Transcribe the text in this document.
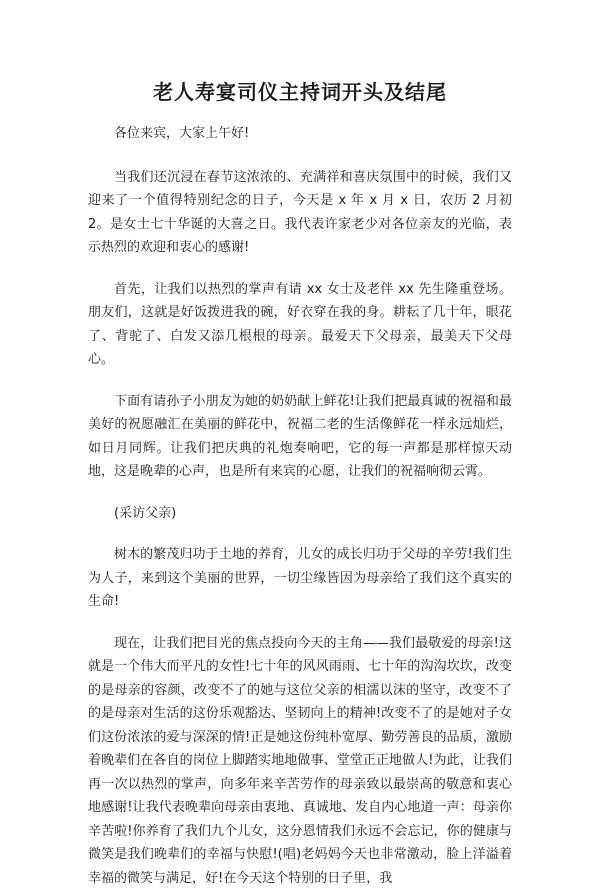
老人寿宴司仪主持词开头及结尾

各位来宾，大家上午好!

当我们还沉浸在春节这浓浓的、充满祥和喜庆氛围中的时候，我们又迎来了一个值得特别纪念的日子，今天是 x 年 x 月 x 日，农历 2 月初 2。是女士七十华诞的大喜之日。我代表许家老少对各位亲友的光临，表示热烈的欢迎和衷心的感谢!

首先，让我们以热烈的掌声有请 xx 女士及老伴 xx 先生隆重登场。朋友们，这就是好饭拨进我的碗，好衣穿在我的身。耕耘了几十年，眼花了、背驼了、白发又添几根根的母亲。最爱天下父母亲，最美天下父母心。

下面有请孙子小朋友为她的奶奶献上鲜花!让我们把最真诚的祝福和最美好的祝愿融汇在美丽的鲜花中，祝福二老的生活像鲜花一样永远灿烂，如日月同辉。让我们把庆典的礼炮奏响吧，它的每一声都是那样惊天动地，这是晚辈的心声，也是所有来宾的心愿，让我们的祝福响彻云霄。

(采访父亲)

树木的繁茂归功于土地的养育，儿女的成长归功于父母的辛劳!我们生为人子，来到这个美丽的世界，一切尘缘皆因为母亲给了我们这个真实的生命!

现在，让我们把目光的焦点投向今天的主角——我们最敬爱的母亲!这就是一个伟大而平凡的女性!七十年的风风雨雨、七十年的沟沟坎坎，改变的是母亲的容颜，改变不了的她与这位父亲的相濡以沫的坚守，改变不了的是母亲对生活的这份乐观豁达、坚韧向上的精神!改变不了的是她对子女们这份浓浓的爱与深深的情!正是她这份纯朴宽厚、勤劳善良的品质，激励着晚辈们在各自的岗位上脚踏实地地做事、堂堂正正地做人!为此，让我们再一次以热烈的掌声，向多年来辛苦劳作的母亲致以最崇高的敬意和衷心地感谢!让我代表晚辈向母亲由衷地、真诚地、发自内心地道一声：母亲你辛苦啦!你养育了我们九个儿女，这分恩情我们永远不会忘记，你的健康与微笑是我们晚辈们的幸福与快慰!(唱)老妈妈今天也非常激动，脸上洋溢着幸福的微笑与满足，好!在今天这个特别的日子里，我
